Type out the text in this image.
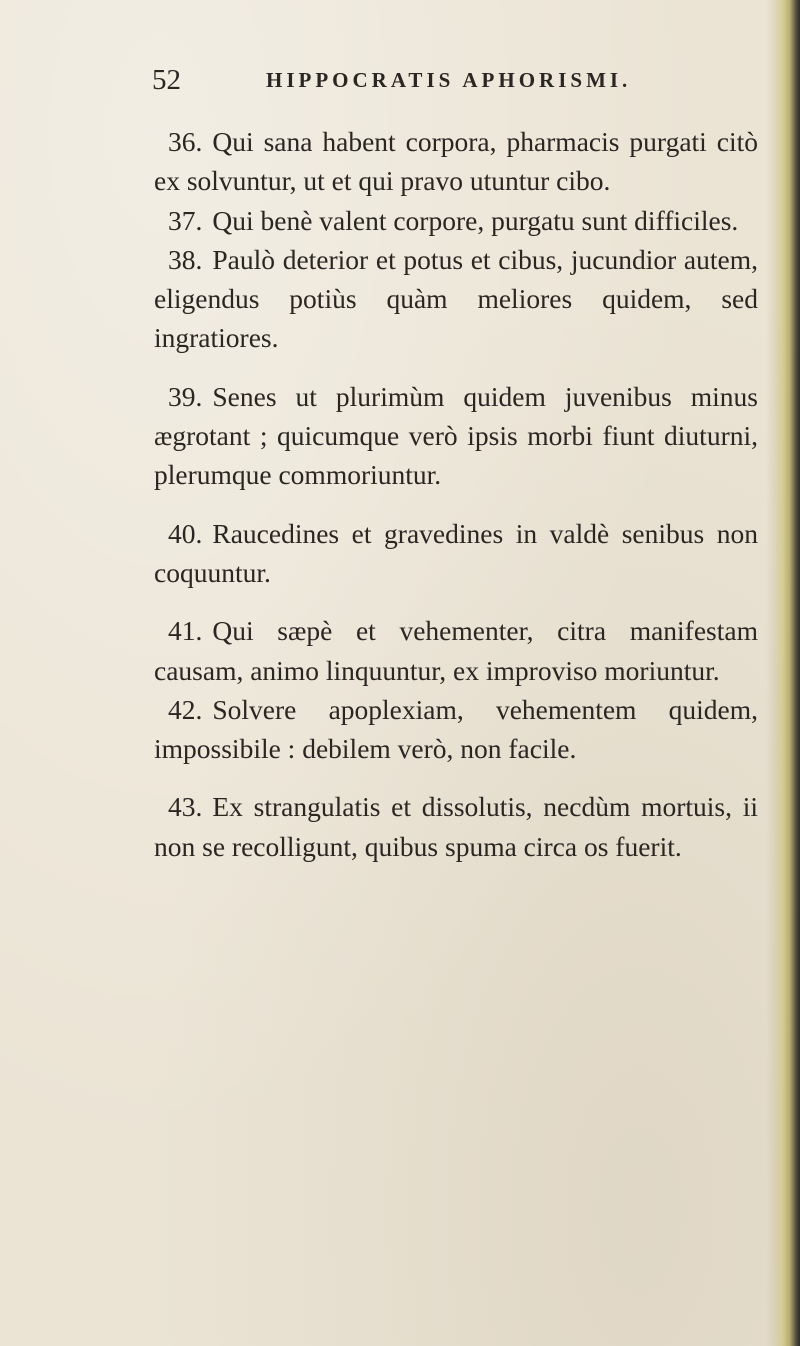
52	HIPPOCRATIS APHORISMI.

36. Qui sana habent corpora, pharmacis purgati citò ex solvuntur, ut et qui pravo utuntur cibo.

37. Qui benè valent corpore, purgatu sunt difficiles.

38. Paulò deterior et potus et cibus, jucundior autem, eligendus potiùs quàm meliores quidem, sed ingratiores.

39. Senes ut plurimùm quidem juvenibus minus ægrotant ; quicumque verò ipsis morbi fiunt diuturni, plerumque commoriuntur.

40. Raucedines et gravedines in valdè senibus non coquuntur.

41. Qui sæpè et vehementer, citra manifestam causam, animo linquuntur, ex improviso moriuntur.

42. Solvere apoplexiam, vehementem quidem, impossibile : debilem verò, non facile.

43. Ex strangulatis et dissolutis, necdùm mortuis, ii non se recolligunt, quibus spuma circa os fuerit.
